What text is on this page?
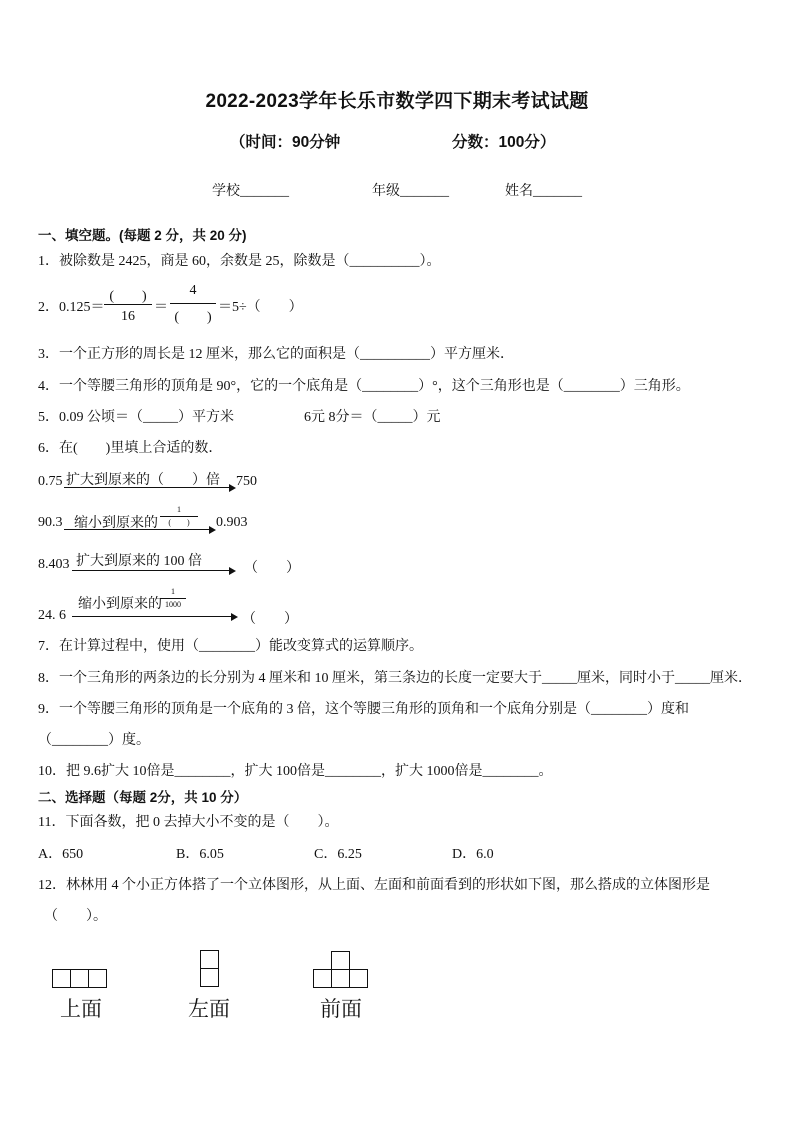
2022-2023学年长乐市数学四下期末考试试题
（时间：90分钟	分数：100分）
学校_______	年级_______	姓名_______
一、填空题。(每题 2 分，共 20 分)
1．被除数是 2425，商是 60，余数是 25，除数是（__________）。
2．0.125＝
(　　)
16
＝
4
(　　)
＝5÷（　　）
3．一个正方形的周长是 12 厘米，那么它的面积是（__________）平方厘米．
4．一个等腰三角形的顶角是 90°，它的一个底角是（________）°，这个三角形也是（________）三角形。
5．0.09 公顷＝（_____）平方米	6元 8分＝（_____）元
6．在(　　)里填上合适的数．
0.75 扩大到原来的（　　）倍 750
90.3 缩小到原来的
1
(　　)	0.903
8.403 扩大到原来的 100 倍	（　　）
24. 6
缩小到原来的
1
1000
（　　）
7．在计算过程中，使用（________）能改变算式的运算顺序。
8．一个三角形的两条边的长分别为 4 厘米和 10 厘米，第三条边的长度一定要大于_____厘米，同时小于_____厘米．
9．一个等腰三角形的顶角是一个底角的 3 倍，这个等腰三角形的顶角和一个底角分别是（________）度和
（________）度。
10．把 9.6扩大 10倍是________，扩大 100倍是________，扩大 1000倍是________。
二、选择题（每题 2分，共 10 分）
11．下面各数，把 0 去掉大小不变的是（　　）。
A．650	B．6.05	C．6.25	D．6.0
12．林林用 4 个小正方体搭了一个立体图形，从上面、左面和前面看到的形状如下图，那么搭成的立体图形是
（　　）。
上面	左面	前面
